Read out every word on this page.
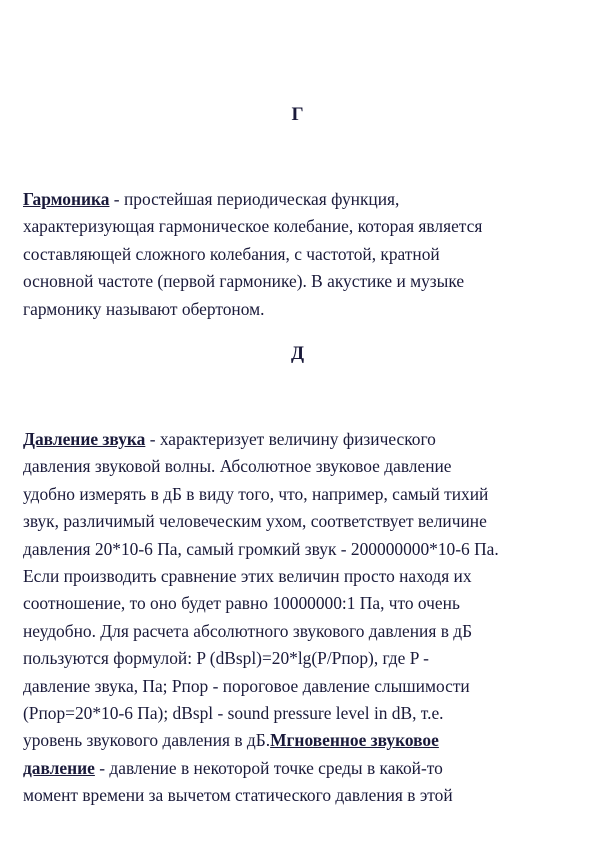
Г

Гармоника - простейшая периодическая функция,
характеризующая гармоническое колебание, которая является
составляющей сложного колебания, с частотой, кратной
основной частоте (первой гармонике). В акустике и музыке
гармонику называют обертоном.

Д

Давление звука - характеризует величину физического
давления звуковой волны. Абсолютное звуковое давление
удобно измерять в дБ в виду того, что, например, самый тихий
звук, различимый человеческим ухом, соответствует величине
давления 20*10-6 Па, самый громкий звук - 200000000*10-6 Па.
Если производить сравнение этих величин просто находя их
соотношение, то оно будет равно 10000000:1 Па, что очень
неудобно. Для расчета абсолютного звукового давления в дБ
пользуются формулой: P (dBspl)=20*lg(P/Pпор), где P -
давление звука, Па; Pпор - пороговое давление слышимости
(Pпор=20*10-6 Па); dBspl - sound pressure level in dB, т.е.
уровень звукового давления в дБ.Мгновенное звуковое
давление - давление в некоторой точке среды в какой-то
момент времени за вычетом статического давления в этой
